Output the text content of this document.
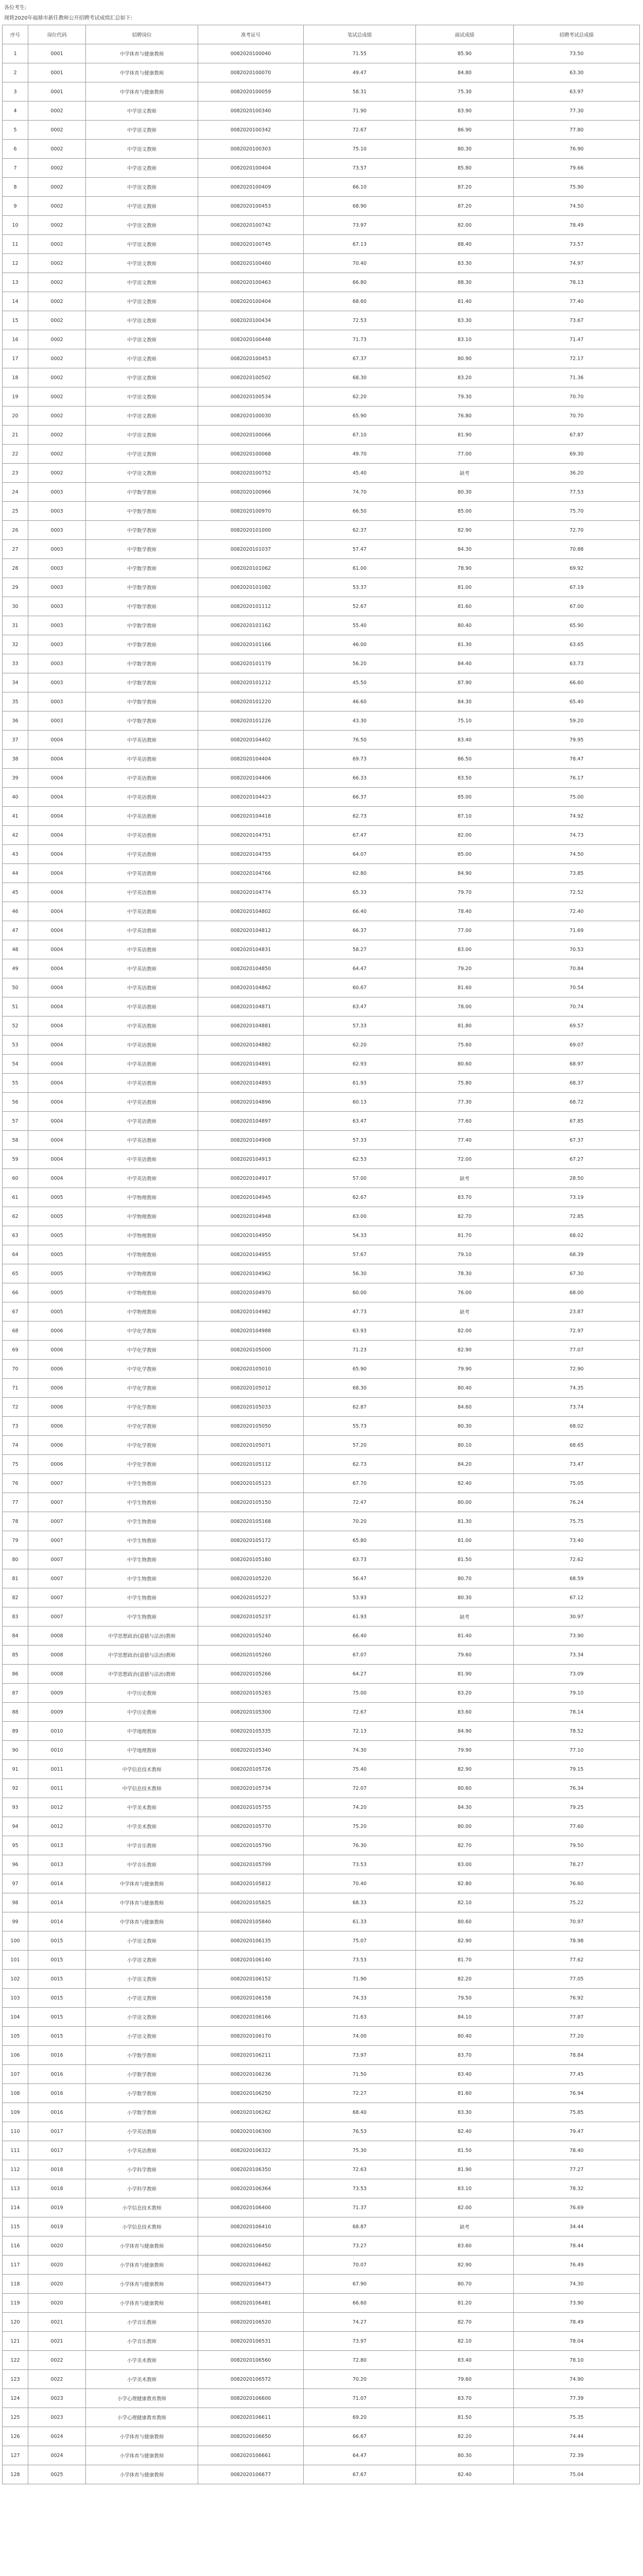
各位考生:
现将2020年福鼎市新任教师公开招聘考试成绩汇总如下:
序号	岗位代码	招聘岗位	准考证号	笔试总成绩	面试成绩	招聘考试总成绩
1	0001	中学体育与健康教师	0082020100040	71.55	85.90	73.50
2	0001	中学体育与健康教师	0082020100070	49.47	84.80	63.30
3	0001	中学体育与健康教师	0082020100059	58.31	75.30	63.97
4	0002	中学语文教师	0082020100340	71.90	83.90	77.30
5	0002	中学语文教师	0082020100342	72.67	86.90	77.80
6	0002	中学语文教师	0082020100303	75.10	80.30	76.90
7	0002	中学语文教师	0082020100404	73.57	85.80	79.66
8	0002	中学语文教师	0082020100409	66.10	87.20	75.90
9	0002	中学语文教师	0082020100453	68.90	87.20	74.50
10	0002	中学语文教师	0082020100742	73.97	82.00	78.49
11	0002	中学语文教师	0082020100745	67.13	88.40	73.57
12	0002	中学语文教师	0082020100460	70.40	83.30	74.97
13	0002	中学语文教师	0082020100463	66.80	88.30	78.13
14	0002	中学语文教师	0082020100404	68.60	81.40	77.40
15	0002	中学语文教师	0082020100434	72.53	83.30	73.67
16	0002	中学语文教师	0082020100448	71.73	83.10	71.47
17	0002	中学语文教师	0082020100453	67.37	80.90	72.17
18	0002	中学语文教师	0082020100502	68.30	83.20	71.36
19	0002	中学语文教师	0082020100534	62.20	79.30	70.70
20	0002	中学语文教师	0082020100030	65.90	76.80	70.70
21	0002	中学语文教师	0082020100066	67.10	81.90	67.87
22	0002	中学语文教师	0082020100068	49.70	77.00	69.30
23	0002	中学语文教师	0082020100752	45.40	缺考	36.20
24	0003	中学数学教师	0082020100966	74.70	80.30	77.53
25	0003	中学数学教师	0082020100970	66.50	85.00	75.70
26	0003	中学数学教师	0082020101000	62.37	82.90	72.70
27	0003	中学数学教师	0082020101037	57.47	84.30	70.88
28	0003	中学数学教师	0082020101062	61.00	78.90	69.92
29	0003	中学数学教师	0082020101082	53.37	81.00	67.19
30	0003	中学数学教师	0082020101112	52.67	81.60	67.00
31	0003	中学数学教师	0082020101162	55.40	80.40	65.90
32	0003	中学数学教师	0082020101166	46.00	81.30	63.65
33	0003	中学数学教师	0082020101179	56.20	84.40	63.73
34	0003	中学数学教师	0082020101212	45.50	87.90	66.60
35	0003	中学数学教师	0082020101220	46.60	84.30	65.40
36	0003	中学数学教师	0082020101226	43.30	75.10	59.20
37	0004	中学英语教师	0082020104402	76.50	83.40	79.95
38	0004	中学英语教师	0082020104404	69.73	86.50	78.47
39	0004	中学英语教师	0082020104406	66.33	83.50	76.17
40	0004	中学英语教师	0082020104423	66.37	85.00	75.00
41	0004	中学英语教师	0082020104418	62.73	87.10	74.92
42	0004	中学英语教师	0082020104751	67.47	82.00	74.73
43	0004	中学英语教师	0082020104755	64.07	85.00	74.50
44	0004	中学英语教师	0082020104766	62.80	84.90	73.85
45	0004	中学英语教师	0082020104774	65.33	79.70	72.52
46	0004	中学英语教师	0082020104802	66.40	78.40	72.40
47	0004	中学英语教师	0082020104812	66.37	77.00	71.69
48	0004	中学英语教师	0082020104831	58.27	83.00	70.53
49	0004	中学英语教师	0082020104850	64.47	79.20	70.84
50	0004	中学英语教师	0082020104862	60.67	81.60	70.54
51	0004	中学英语教师	0082020104871	63.47	78.00	70.74
52	0004	中学英语教师	0082020104881	57.33	81.80	69.57
53	0004	中学英语教师	0082020104882	62.20	75.60	69.07
54	0004	中学英语教师	0082020104891	62.93	80.60	68.97
55	0004	中学英语教师	0082020104893	61.93	75.80	68.37
56	0004	中学英语教师	0082020104896	60.13	77.30	68.72
57	0004	中学英语教师	0082020104897	63.47	77.60	67.85
58	0004	中学英语教师	0082020104908	57.33	77.40	67.37
59	0004	中学英语教师	0082020104913	62.53	72.00	67.27
60	0004	中学英语教师	0082020104917	57.00	缺考	28.50
61	0005	中学物理教师	0082020104945	62.67	83.70	73.19
62	0005	中学物理教师	0082020104948	63.00	82.70	72.85
63	0005	中学物理教师	0082020104950	54.33	81.70	68.02
64	0005	中学物理教师	0082020104955	57.67	79.10	68.39
65	0005	中学物理教师	0082020104962	56.30	78.30	67.30
66	0005	中学物理教师	0082020104970	60.00	76.00	68.00
67	0005	中学物理教师	0082020104982	47.73	缺考	23.87
68	0006	中学化学教师	0082020104988	63.93	82.00	72.97
69	0006	中学化学教师	0082020105000	71.23	82.90	77.07
70	0006	中学化学教师	0082020105010	65.90	79.90	72.90
71	0006	中学化学教师	0082020105012	68.30	80.40	74.35
72	0006	中学化学教师	0082020105033	62.87	84.60	73.74
73	0006	中学化学教师	0082020105050	55.73	80.30	68.02
74	0006	中学化学教师	0082020105071	57.20	80.10	68.65
75	0006	中学化学教师	0082020105112	62.73	84.20	73.47
76	0007	中学生物教师	0082020105123	67.70	82.40	75.05
77	0007	中学生物教师	0082020105150	72.47	80.00	76.24
78	0007	中学生物教师	0082020105168	70.20	81.30	75.75
79	0007	中学生物教师	0082020105172	65.80	81.00	73.40
80	0007	中学生物教师	0082020105180	63.73	81.50	72.62
81	0007	中学生物教师	0082020105220	56.47	80.70	68.59
82	0007	中学生物教师	0082020105227	53.93	80.30	67.12
83	0007	中学生物教师	0082020105237	61.93	缺考	30.97
84	0008	中学思想政治(道德与法治)教师	0082020105240	66.40	81.40	73.90
85	0008	中学思想政治(道德与法治)教师	0082020105260	67.07	79.60	73.34
86	0008	中学思想政治(道德与法治)教师	0082020105266	64.27	81.90	73.09
87	0009	中学历史教师	0082020105283	75.00	83.20	79.10
88	0009	中学历史教师	0082020105300	72.67	83.60	78.14
89	0010	中学地理教师	0082020105335	72.13	84.90	78.52
90	0010	中学地理教师	0082020105340	74.30	79.90	77.10
91	0011	中学信息技术教师	0082020105726	75.40	82.90	79.15
92	0011	中学信息技术教师	0082020105734	72.07	80.60	76.34
93	0012	中学美术教师	0082020105755	74.20	84.30	79.25
94	0012	中学美术教师	0082020105770	75.20	80.00	77.60
95	0013	中学音乐教师	0082020105790	76.30	82.70	79.50
96	0013	中学音乐教师	0082020105799	73.53	83.00	78.27
97	0014	中学体育与健康教师	0082020105812	70.40	82.80	76.60
98	0014	中学体育与健康教师	0082020105825	68.33	82.10	75.22
99	0014	中学体育与健康教师	0082020105840	61.33	80.60	70.97
100	0015	小学语文教师	0082020106135	75.07	82.90	78.98
101	0015	小学语文教师	0082020106140	73.53	81.70	77.62
102	0015	小学语文教师	0082020106152	71.90	82.20	77.05
103	0015	小学语文教师	0082020106158	74.33	79.50	76.92
104	0015	小学语文教师	0082020106166	71.63	84.10	77.87
105	0015	小学语文教师	0082020106170	74.00	80.40	77.20
106	0016	小学数学教师	0082020106211	73.97	83.70	78.84
107	0016	小学数学教师	0082020106236	71.50	83.40	77.45
108	0016	小学数学教师	0082020106250	72.27	81.60	76.94
109	0016	小学数学教师	0082020106262	68.40	83.30	75.85
110	0017	小学英语教师	0082020106300	76.53	82.40	79.47
111	0017	小学英语教师	0082020106322	75.30	81.50	78.40
112	0018	小学科学教师	0082020106350	72.63	81.90	77.27
113	0018	小学科学教师	0082020106364	73.53	83.10	78.32
114	0019	小学信息技术教师	0082020106400	71.37	82.00	76.69
115	0019	小学信息技术教师	0082020106410	68.87	缺考	34.44
116	0020	小学体育与健康教师	0082020106450	73.27	83.60	78.44
117	0020	小学体育与健康教师	0082020106462	70.07	82.90	76.49
118	0020	小学体育与健康教师	0082020106473	67.90	80.70	74.30
119	0020	小学体育与健康教师	0082020106481	66.60	81.20	73.90
120	0021	小学音乐教师	0082020106520	74.27	82.70	78.49
121	0021	小学音乐教师	0082020106531	73.97	82.10	78.04
122	0022	小学美术教师	0082020106560	72.80	83.40	78.10
123	0022	小学美术教师	0082020106572	70.20	79.60	74.90
124	0023	小学心理健康教育教师	0082020106600	71.07	83.70	77.39
125	0023	小学心理健康教育教师	0082020106611	69.20	81.50	75.35
126	0024	小学体育与健康教师	0082020106650	66.67	82.20	74.44
127	0024	小学体育与健康教师	0082020106661	64.47	80.30	72.39
128	0025	小学体育与健康教师	0082020106677	67.67	82.40	75.04
